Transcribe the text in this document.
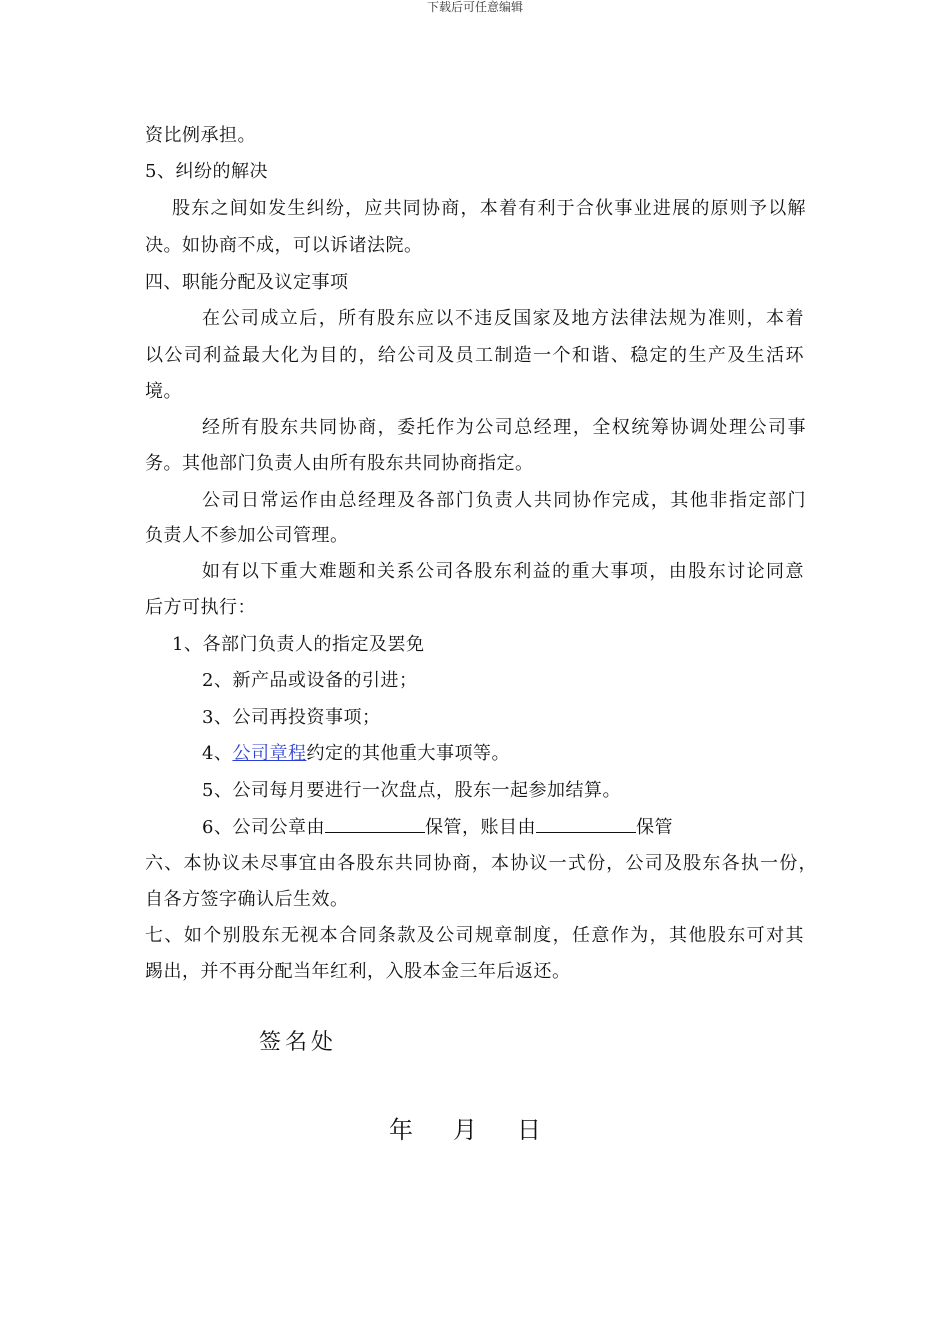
下载后可任意编辑
资比例承担。
5、纠纷的解决
股东之间如发生纠纷，应共同协商，本着有利于合伙事业进展的原则予以解
决。如协商不成，可以诉诸法院。
四、职能分配及议定事项
在公司成立后，所有股东应以不违反国家及地方法律法规为准则，本着
以公司利益最大化为目的，给公司及员工制造一个和谐、稳定的生产及生活环
境。
经所有股东共同协商，委托作为公司总经理，全权统筹协调处理公司事
务。其他部门负责人由所有股东共同协商指定。
公司日常运作由总经理及各部门负责人共同协作完成，其他非指定部门
负责人不参加公司管理。
如有以下重大难题和关系公司各股东利益的重大事项，由股东讨论同意
后方可执行：
1、各部门负责人的指定及罢免
2、新产品或设备的引进；
3、公司再投资事项；
4、公司章程约定的其他重大事项等。
5、公司每月要进行一次盘点，股东一起参加结算。
6、公司公章由	保管，账目由	保管
六、本协议未尽事宜由各股东共同协商，本协议一式份，公司及股东各执一份，
自各方签字确认后生效。
七、如个别股东无视本合同条款及公司规章制度，任意作为，其他股东可对其
踢出，并不再分配当年红利，入股本金三年后返还。
签名处
年 月 日
